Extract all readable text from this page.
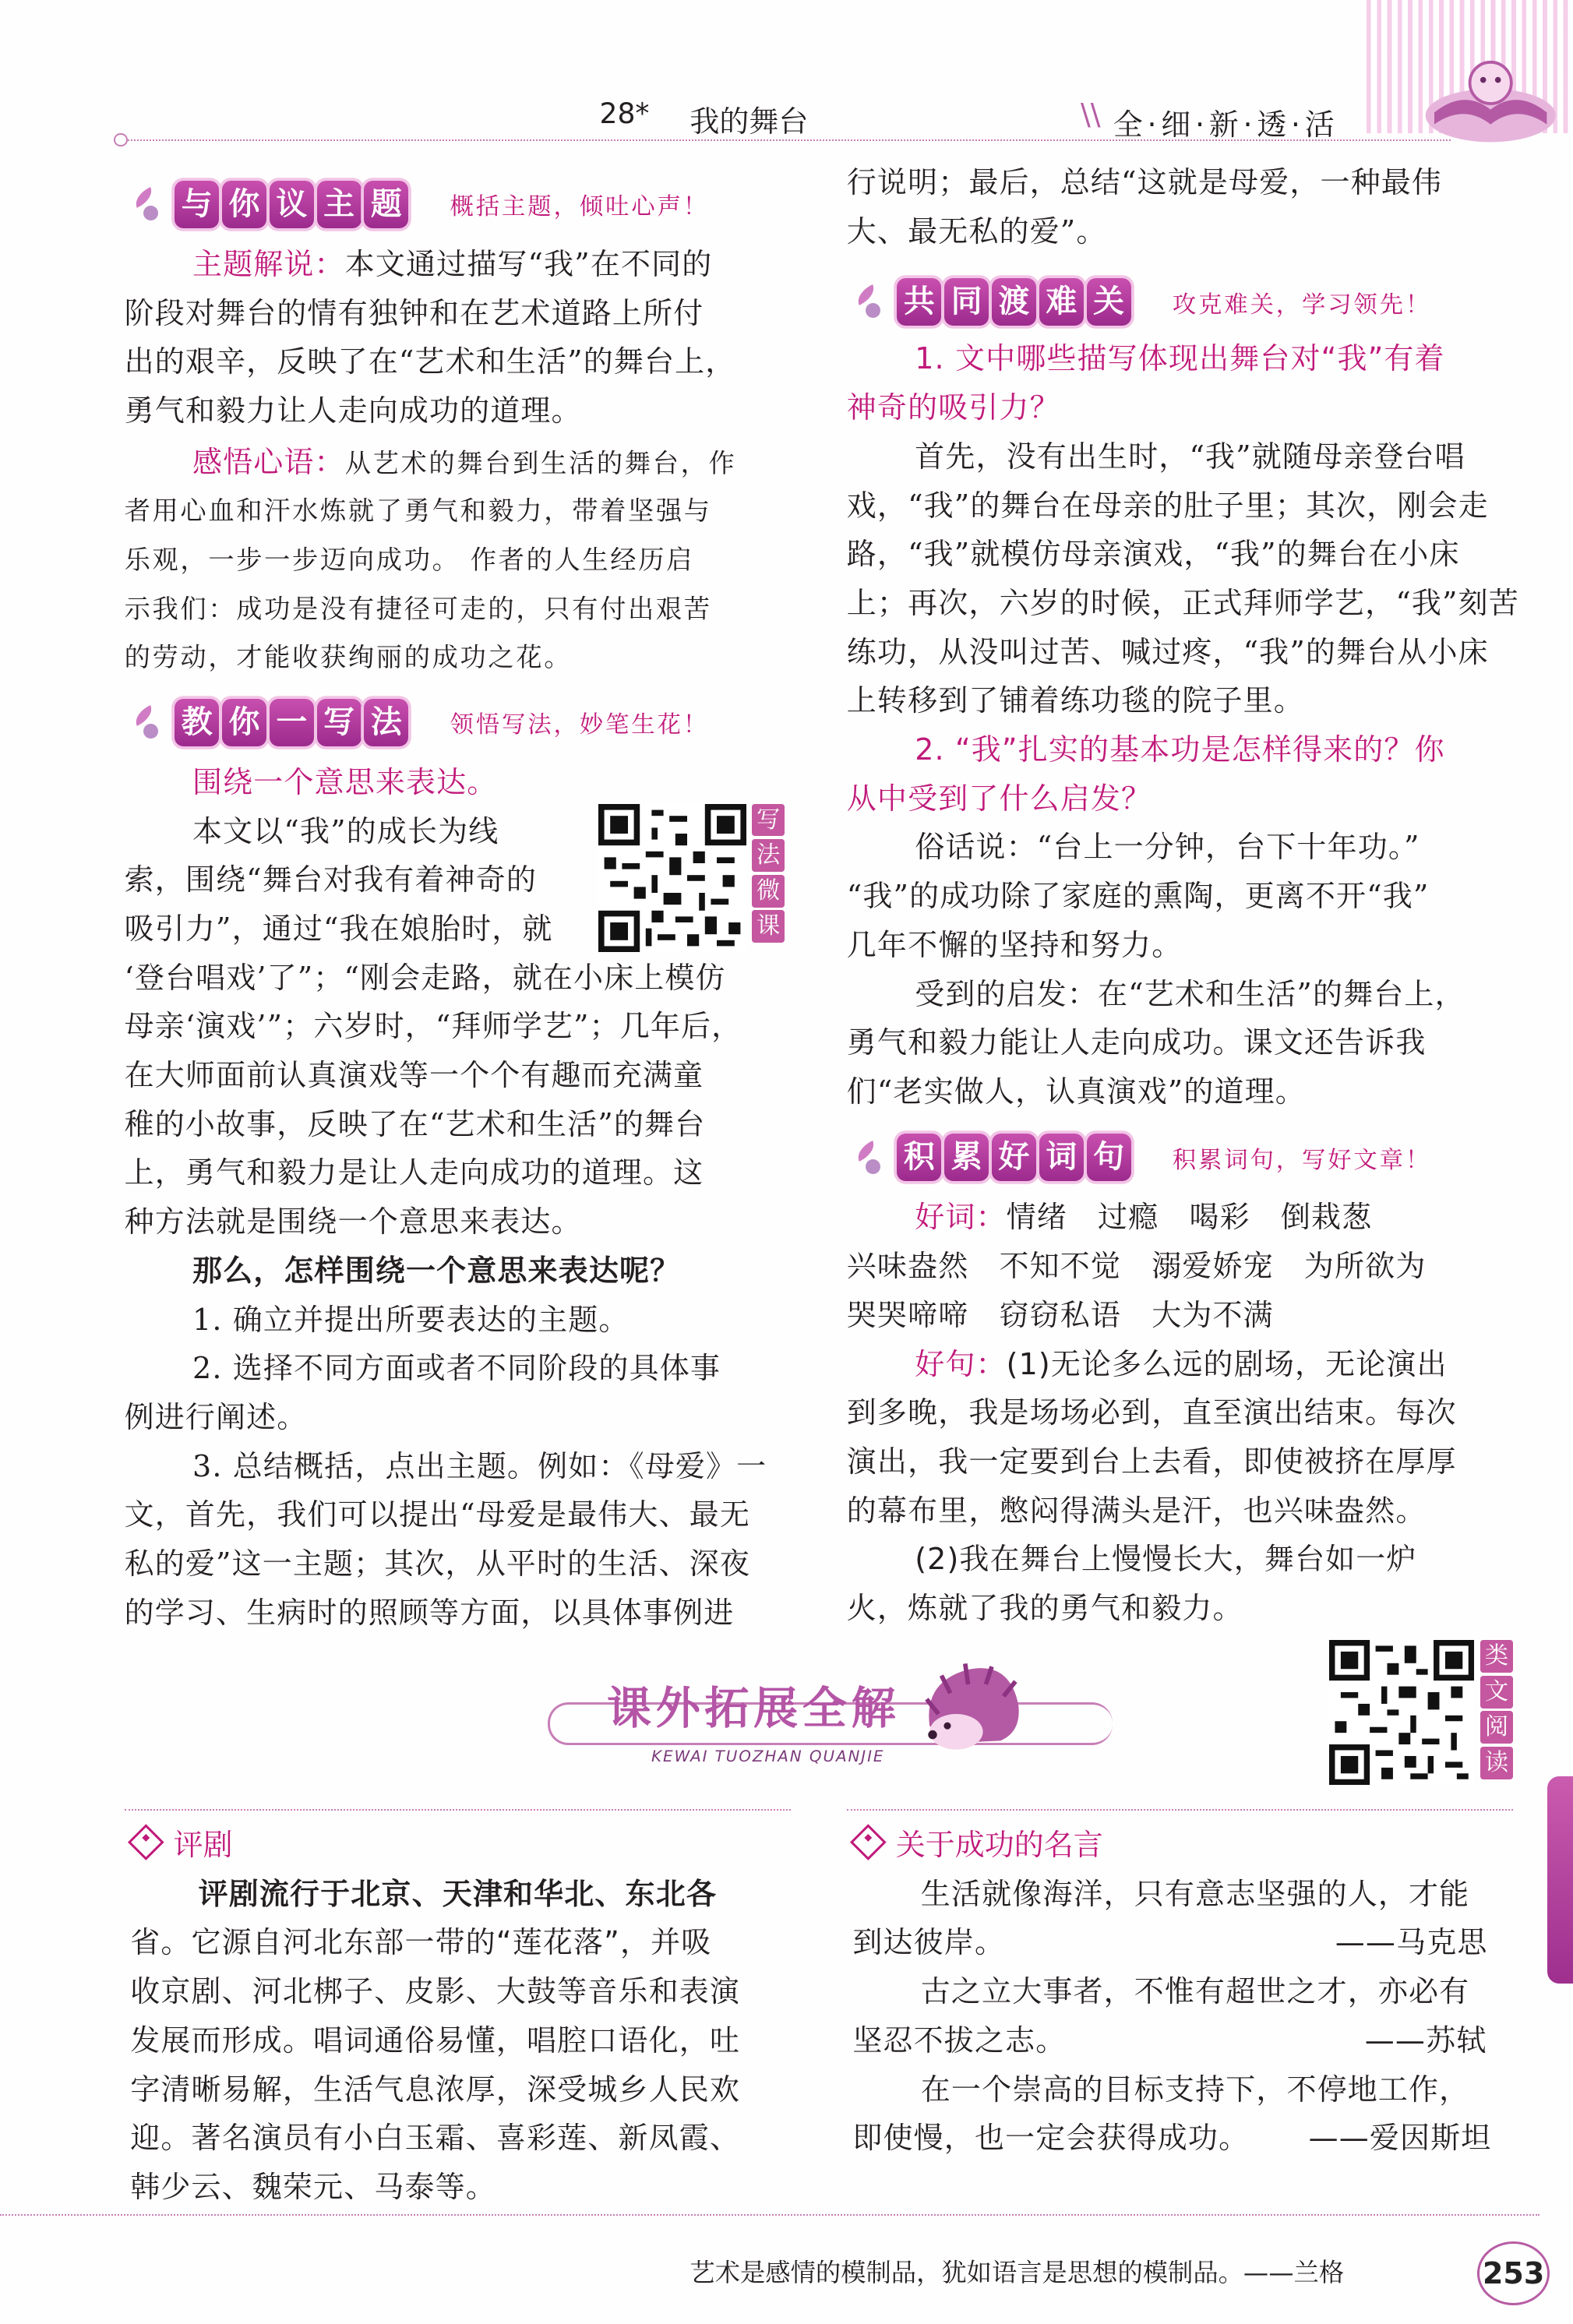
28*	我的舞台	\\ 全·细·新·透·活
与 你 议 主 题	概括主题，倾吐心声！

主题解说：本文通过描写“我”在不同的

阶段对舞台的情有独钟和在艺术道路上所付

出的艰辛，反映了在“艺术和生活”的舞台上，

勇气和毅力让人走向成功的道理。

感悟心语：从艺术的舞台到生活的舞台，作

者用心血和汗水炼就了勇气和毅力，带着坚强与

乐观，一步一步迈向成功。 作者的人生经历启

示我们：成功是没有捷径可走的，只有付出艰苦

的劳动，才能收获绚丽的成功之花。

教 你 一 写 法	领悟写法，妙笔生花！

围绕一个意思来表达。

本文以“我”的成长为线

索，围绕“舞台对我有着神奇的

吸引力”，通过“我在娘胎时，就

写
法
微
课

‘登台唱戏’了”；“刚会走路，就在小床上模仿

母亲‘演戏’”；六岁时，“拜师学艺”；几年后，

在大师面前认真演戏等一个个有趣而充满童

稚的小故事，反映了在“艺术和生活”的舞台

上，勇气和毅力是让人走向成功的道理。这

种方法就是围绕一个意思来表达。

那么，怎样围绕一个意思来表达呢？

1. 确立并提出所要表达的主题。

2. 选择不同方面或者不同阶段的具体事

例进行阐述。

3. 总结概括，点出主题。例如：《母爱》一

文，首先，我们可以提出“母爱是最伟大、最无

私的爱”这一主题；其次，从平时的生活、深夜

的学习、生病时的照顾等方面，以具体事例进

行说明；最后，总结“这就是母爱，一种最伟

大、最无私的爱”。

共 同 渡 难 关	攻克难关，学习领先！

1. 文中哪些描写体现出舞台对“我”有着

神奇的吸引力？

首先，没有出生时，“我”就随母亲登台唱

戏，“我”的舞台在母亲的肚子里；其次，刚会走

路，“我”就模仿母亲演戏，“我”的舞台在小床

上；再次，六岁的时候，正式拜师学艺，“我”刻苦

练功，从没叫过苦、喊过疼，“我”的舞台从小床

上转移到了铺着练功毯的院子里。

2. “我”扎实的基本功是怎样得来的？你

从中受到了什么启发？

俗话说：“台上一分钟，台下十年功。”

“我”的成功除了家庭的熏陶，更离不开“我”

几年不懈的坚持和努力。

受到的启发：在“艺术和生活”的舞台上，

勇气和毅力能让人走向成功。课文还告诉我

们“老实做人，认真演戏”的道理。

积 累 好 词 句	积累词句，写好文章！

好词：情绪　过瘾　喝彩　倒栽葱

兴味盎然　不知不觉　溺爱娇宠　为所欲为

哭哭啼啼　窃窃私语　大为不满

好句：(1)无论多么远的剧场，无论演出

到多晚，我是场场必到，直至演出结束。每次

演出，我一定要到台上去看，即使被挤在厚厚

的幕布里，憋闷得满头是汗，也兴味盎然。

(2)我在舞台上慢慢长大，舞台如一炉

火，炼就了我的勇气和毅力。

课外拓展全解
KEWAI TUOZHAN QUANJIE
类
文
阅
读
评剧

评剧流行于北京、天津和华北、东北各

省。它源自河北东部一带的“莲花落”，并吸

收京剧、河北梆子、皮影、大鼓等音乐和表演

发展而形成。唱词通俗易懂，唱腔口语化，吐

字清晰易解，生活气息浓厚，深受城乡人民欢

迎。著名演员有小白玉霜、喜彩莲、新凤霞、

韩少云、魏荣元、马泰等。

关于成功的名言

生活就像海洋，只有意志坚强的人，才能

到达彼岸。	——马克思

古之立大事者，不惟有超世之才，亦必有

坚忍不拔之志。	——苏轼

在一个崇高的目标支持下，不停地工作，

即使慢，也一定会获得成功。	——爱因斯坦

艺术是感情的模制品，犹如语言是思想的模制品。——兰格	253
